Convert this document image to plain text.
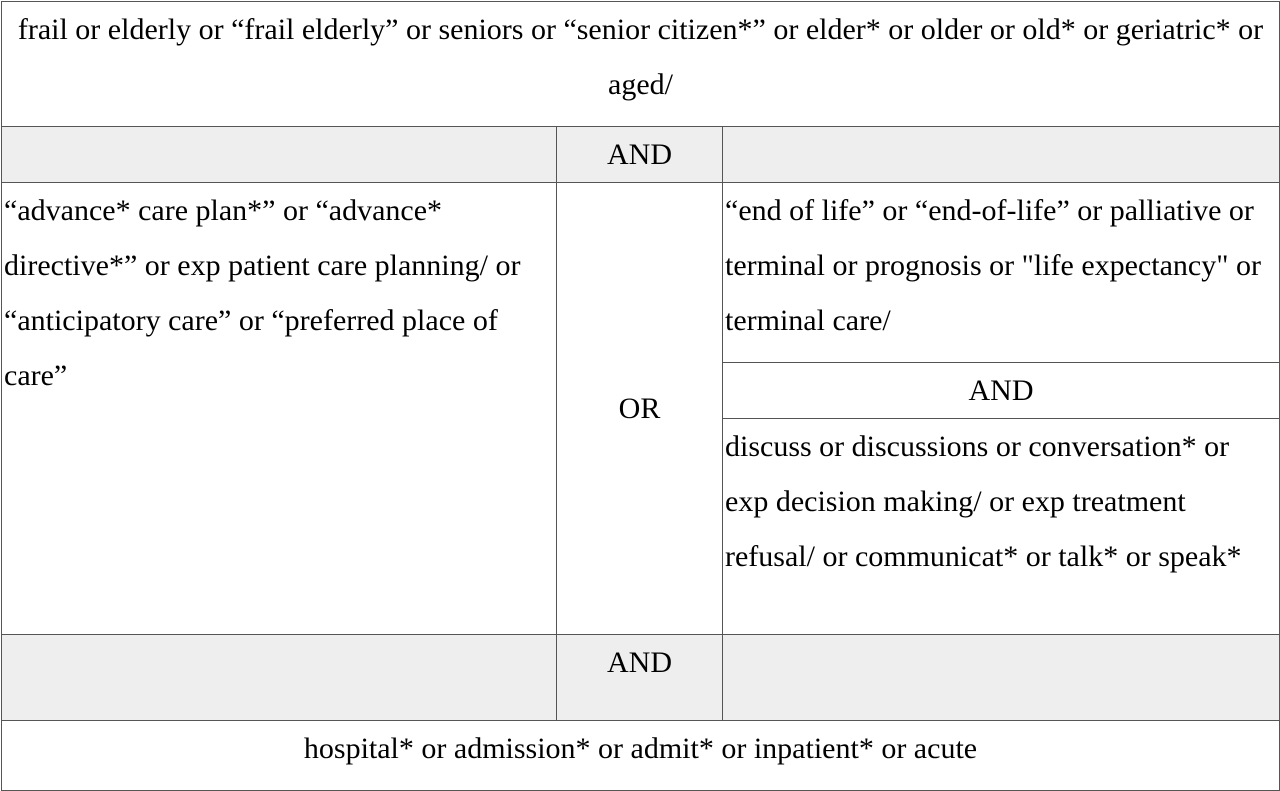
frail or elderly or “frail elderly” or seniors or “senior citizen*” or elder* or older or old* or geriatric* or aged/		

	AND	

“advance* care plan*” or “advance* directive*” or exp patient care planning/ or “anticipatory care” or “preferred place of care”	OR	“end of life” or “end-of-life” or palliative or terminal or prognosis or "life expectancy" or terminal care/

		AND

		discuss or discussions or conversation* or exp decision making/ or exp treatment refusal/ or communicat* or talk* or speak*

	AND	

hospital* or admission* or admit* or inpatient* or acute		
